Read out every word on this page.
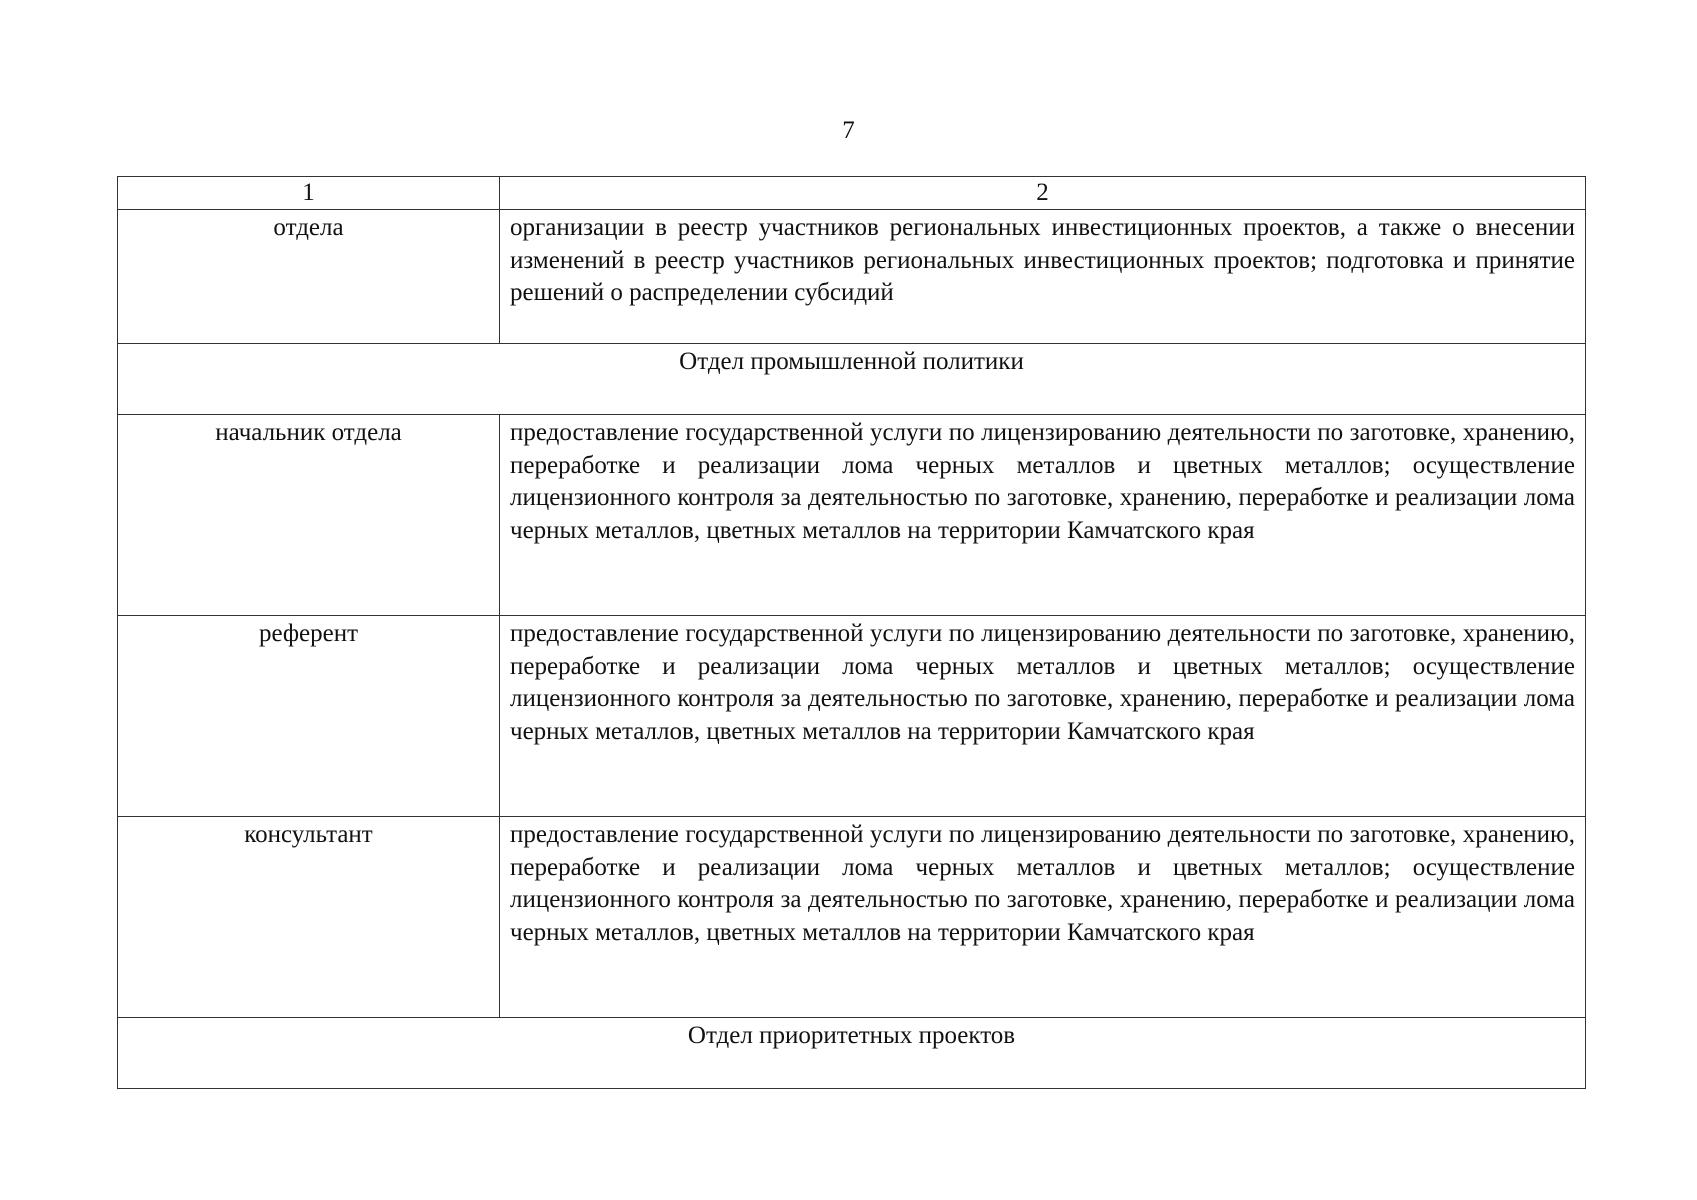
7
1	2
отдела	организации в реестр участников региональных инвестиционных проектов, а также о внесении изменений в реестр участников региональных инвестиционных проектов; подготовка и принятие решений о распределении субсидий
Отдел промышленной политики	
начальник отдела	предоставление государственной услуги по лицензированию деятельности по заготовке, хранению, переработке и реализации лома черных металлов и цветных металлов; осуществление лицензионного контроля за деятельностью по заготовке, хранению, переработке и реализации лома черных металлов, цветных металлов на территории Камчатского края
референт	предоставление государственной услуги по лицензированию деятельности по заготовке, хранению, переработке и реализации лома черных металлов и цветных металлов; осуществление лицензионного контроля за деятельностью по заготовке, хранению, переработке и реализации лома черных металлов, цветных металлов на территории Камчатского края
консультант	предоставление государственной услуги по лицензированию деятельности по заготовке, хранению, переработке и реализации лома черных металлов и цветных металлов; осуществление лицензионного контроля за деятельностью по заготовке, хранению, переработке и реализации лома черных металлов, цветных металлов на территории Камчатского края
Отдел приоритетных проектов	
